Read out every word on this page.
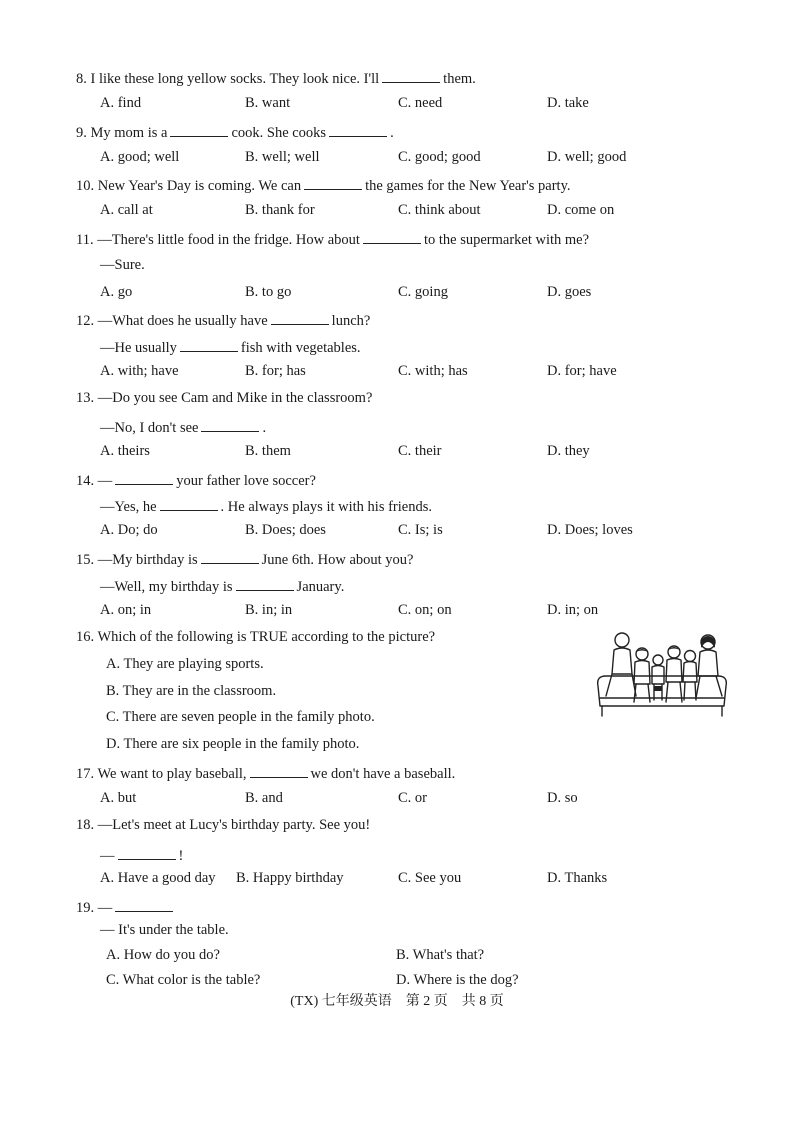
8. I like these long yellow socks. They look nice. I'll	them.
A. find	B. want	C. need	D. take
9. My mom is a	cook. She cooks	.
A. good; well	B. well; well	C. good; good	D. well; good
10. New Year's Day is coming. We can	the games for the New Year's party.
A. call at	B. thank for	C. think about	D. come on
11. —There's little food in the fridge. How about	to the supermarket with me?
—Sure.
A. go	B. to go	C. going	D. goes
12. —What does he usually have	lunch?
—He usually	fish with vegetables.
A. with; have	B. for; has	C. with; has	D. for; have
13. —Do you see Cam and Mike in the classroom?
—No, I don't see	.
A. theirs	B. them	C. their	D. they
14. —	your father love soccer?
—Yes, he	. He always plays it with his friends.
A. Do; do	B. Does; does	C. Is; is	D. Does; loves
15. —My birthday is	June 6th. How about you?
—Well, my birthday is	January.
A. on; in	B. in; in	C. on; on	D. in; on
16. Which of the following is TRUE according to the picture?
A. They are playing sports.
B. They are in the classroom.
C. There are seven people in the family photo.
D. There are six people in the family photo.
17. We want to play baseball,	we don't have a baseball.
A. but	B. and	C. or	D. so
18. —Let's meet at Lucy's birthday party. See you!
—	!
A. Have a good day B. Happy birthday	C. See you	D. Thanks
19. —
— It's under the table.
A. How do you do?	B. What's that?
C. What color is the table?	D. Where is the dog?
(TX) 七年级英语　第 2 页　共 8 页
